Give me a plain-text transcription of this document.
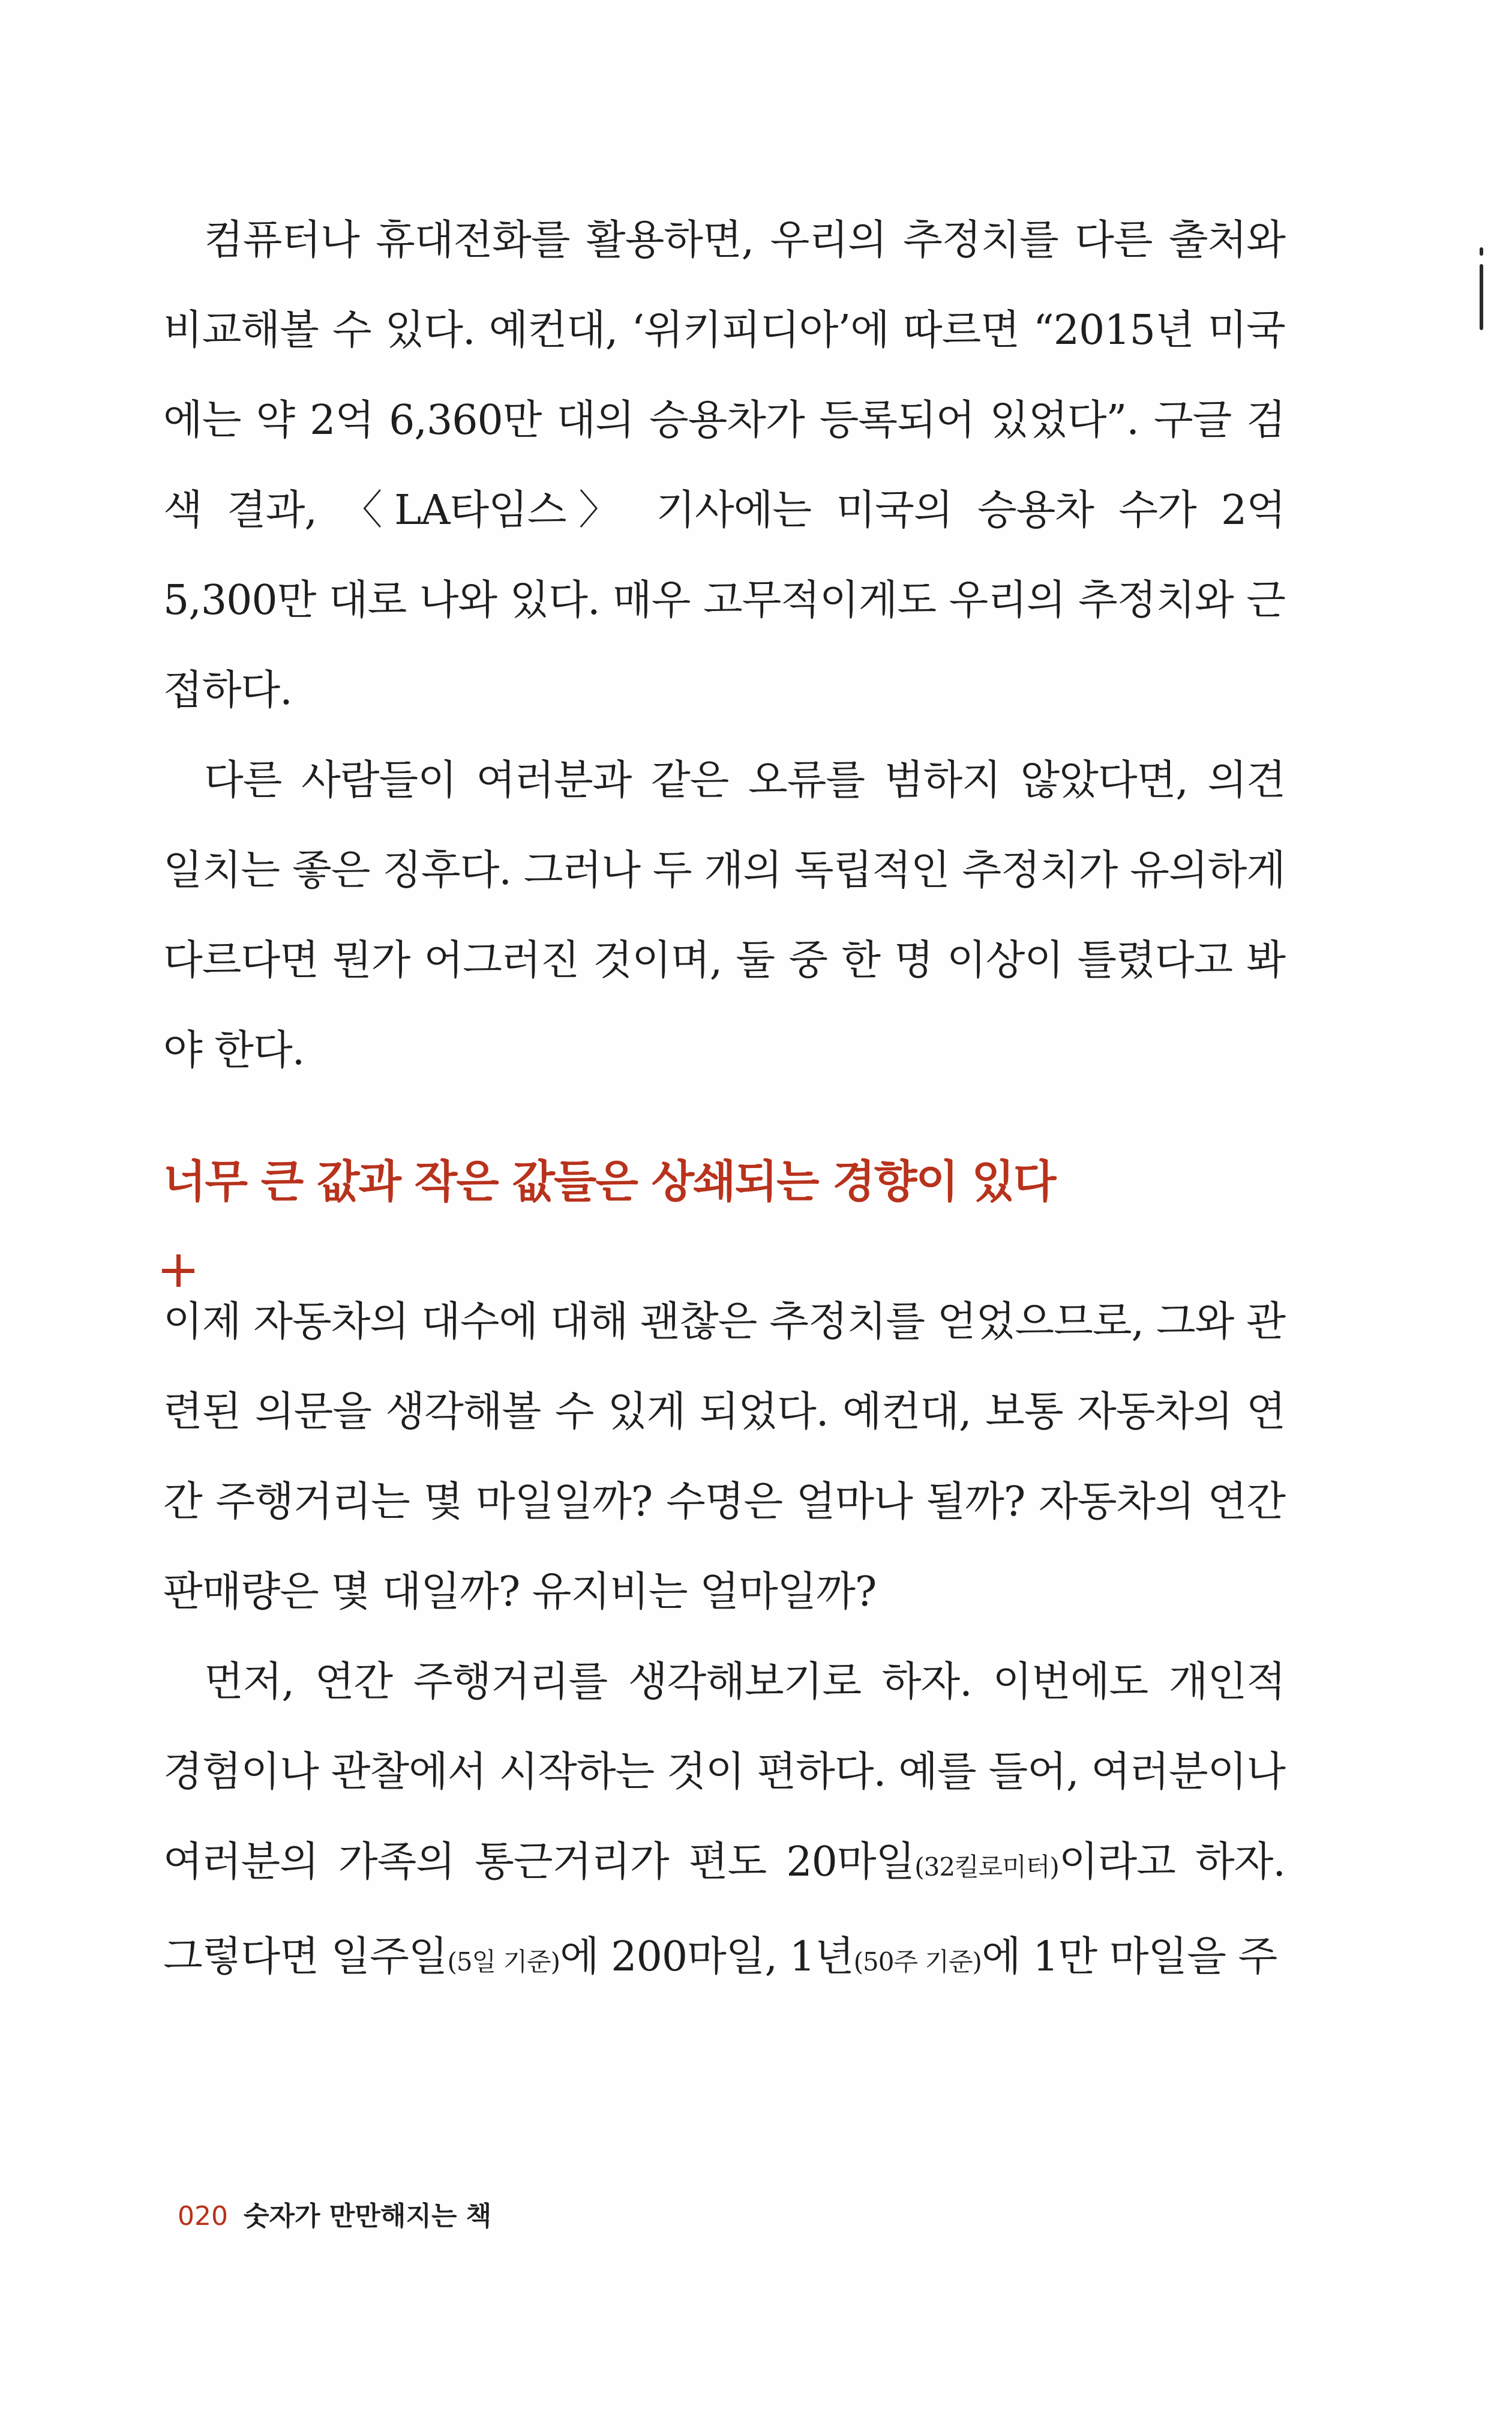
컴퓨터나 휴대전화를 활용하면, 우리의 추정치를 다른 출처와 비교해볼 수 있다. 예컨대, ‘위키피디아’에 따르면 “2015년 미국에는 약 2억 6,360만 대의 승용차가 등록되어 있었다”. 구글 검색 결과, 〈LA타임스〉 기사에는 미국의 승용차 수가 2억 5,300만 대로 나와 있다. 매우 고무적이게도 우리의 추정치와 근접하다.

다른 사람들이 여러분과 같은 오류를 범하지 않았다면, 의견 일치는 좋은 징후다. 그러나 두 개의 독립적인 추정치가 유의하게 다르다면 뭔가 어그러진 것이며, 둘 중 한 명 이상이 틀렸다고 봐야 한다.

너무 큰 값과 작은 값들은 상쇄되는 경향이 있다

이제 자동차의 대수에 대해 괜찮은 추정치를 얻었으므로, 그와 관련된 의문을 생각해볼 수 있게 되었다. 예컨대, 보통 자동차의 연간 주행거리는 몇 마일일까? 수명은 얼마나 될까? 자동차의 연간 판매량은 몇 대일까? 유지비는 얼마일까?

먼저, 연간 주행거리를 생각해보기로 하자. 이번에도 개인적 경험이나 관찰에서 시작하는 것이 편하다. 예를 들어, 여러분이나 여러분의 가족의 통근거리가 편도 20마일(32킬로미터)이라고 하자. 그렇다면 일주일(5일 기준)에 200마일, 1년(50주 기준)에 1만 마일을 주

020 숫자가 만만해지는 책
